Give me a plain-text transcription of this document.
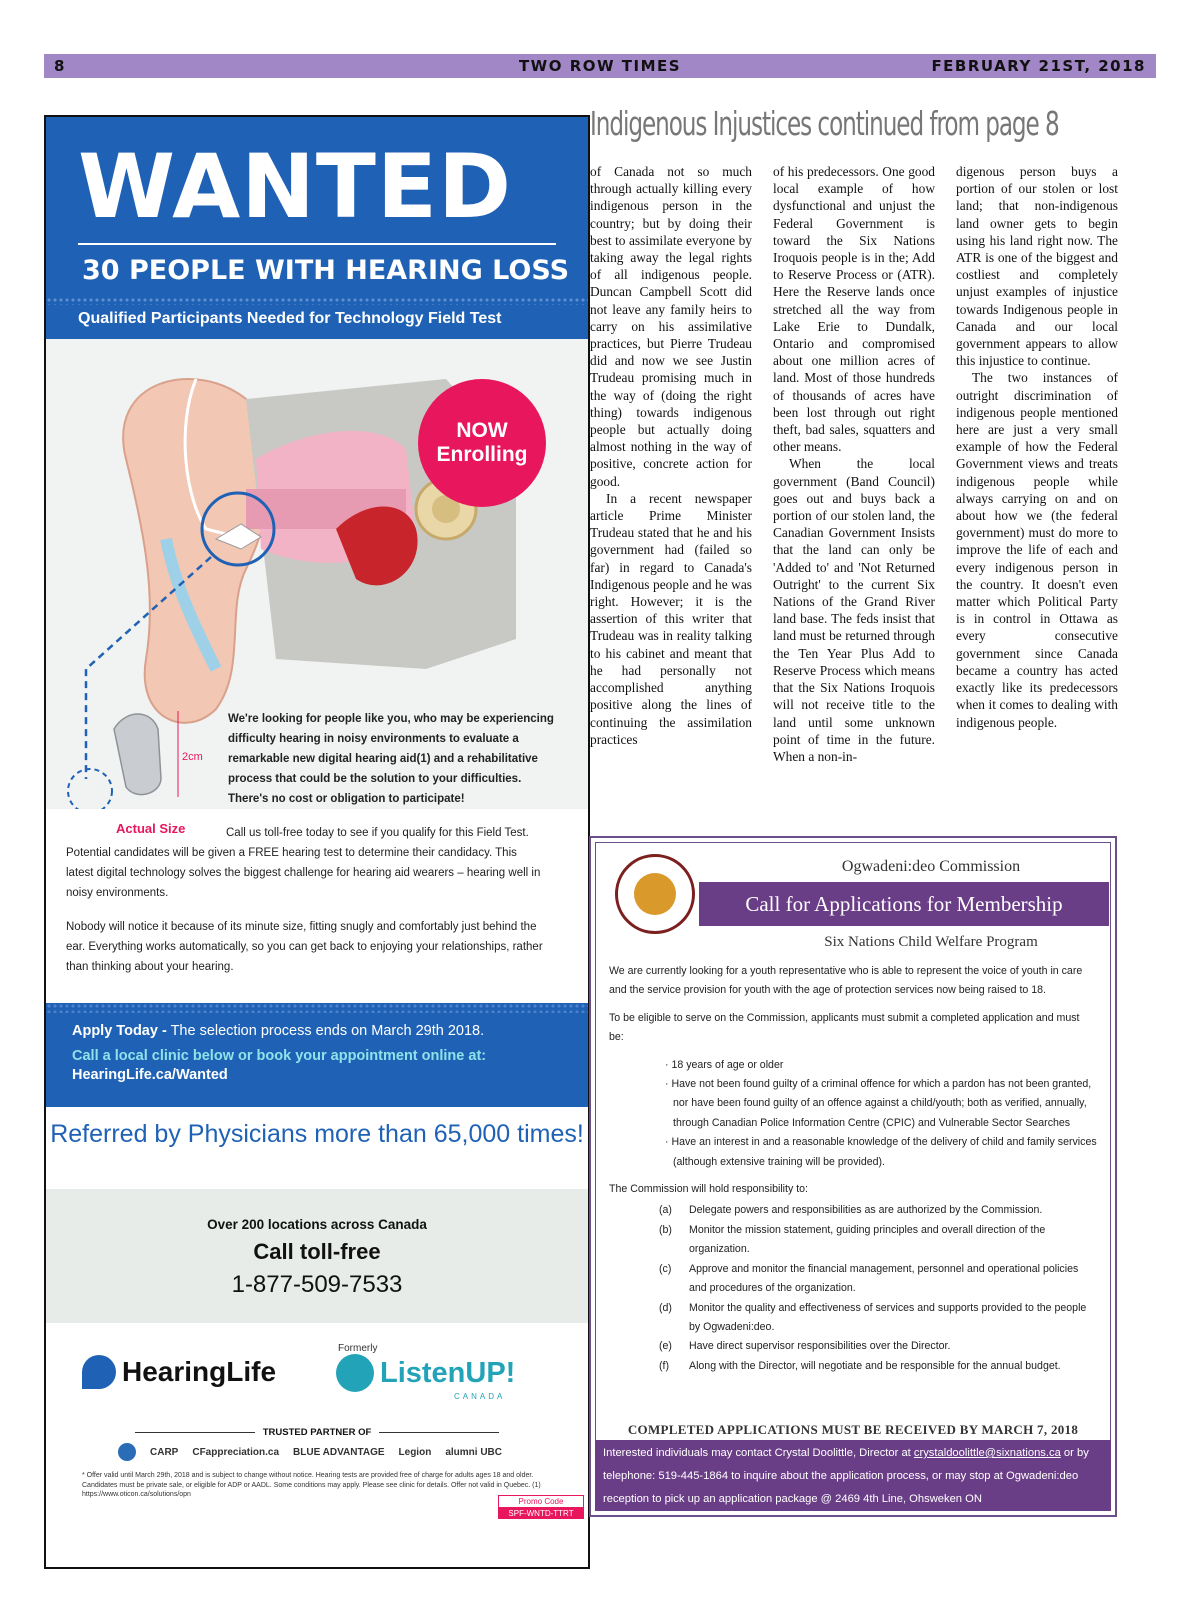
8	TWO ROW TIMES	FEBRUARY 21ST, 2018
WANTED
30 PEOPLE WITH HEARING LOSS
Qualified Participants Needed for Technology Field Test
NOW
Enrolling
2cm
We're looking for people like you, who may be experiencing difficulty hearing in noisy environments to evaluate a remarkable new digital hearing aid(1) and a rehabilitative process that could be the solution to your difficulties. There's no cost or obligation to participate!
Actual Size	Call us toll-free today to see if you qualify for this Field Test. Potential candidates will be given a FREE hearing test to determine their candidacy. This latest digital technology solves the biggest challenge for hearing aid wearers – hearing well in noisy environments.
Nobody will notice it because of its minute size, fitting snugly and comfortably just behind the ear. Everything works automatically, so you can get back to enjoying your relationships, rather than thinking about your hearing.
Apply Today - The selection process ends on March 29th 2018.
Call a local clinic below or book your appointment online at:
HearingLife.ca/Wanted
Referred by Physicians more than 65,000 times!
Over 200 locations across Canada
Call toll-free
1-877-509-7533
HearingLife
Formerly
ListenUP!
CANADA
TRUSTED PARTNER OF
CARP CFappreciation.ca BLUE ADVANTAGE Legion alumni UBC
* Offer valid until March 29th, 2018 and is subject to change without notice. Hearing tests are provided free of charge for adults ages 18 and older. Candidates must be private sale, or eligible for ADP or AADL. Some conditions may apply. Please see clinic for details. Offer not valid in Quebec. (1) https://www.oticon.ca/solutions/opn
Promo Code
SPF-WNTD-TTRT
Indigenous Injustices continued from page 8

of Canada not so much through actually killing every indigenous person in the country; but by doing their best to assimilate everyone by taking away the legal rights of all indigenous people. Duncan Campbell Scott did not leave any family heirs to carry on his assimilative practices, but Pierre Trudeau did and now we see Justin Trudeau promising much in the way of (doing the right thing) towards indigenous people but actually doing almost nothing in the way of positive, concrete action for good.

In a recent newspaper article Prime Minister Trudeau stated that he and his government had (failed so far) in regard to Canada's Indigenous people and he was right. However; it is the assertion of this writer that Trudeau was in reality talking to his cabinet and meant that he had personally not accomplished anything positive along the lines of continuing the assimilation practices

of his predecessors. One good local example of how dysfunctional and unjust the Federal Government is toward the Six Nations Iroquois people is in the; Add to Reserve Process or (ATR). Here the Reserve lands once stretched all the way from Lake Erie to Dundalk, Ontario and compromised about one million acres of land. Most of those hundreds of thousands of acres have been lost through out right theft, bad sales, squatters and other means.

When the local government (Band Council) goes out and buys back a portion of our stolen land, the Canadian Government Insists that the land can only be 'Added to' and 'Not Returned Outright' to the current Six Nations of the Grand River land base. The feds insist that land must be returned through the Ten Year Plus Add to Reserve Process which means that the Six Nations Iroquois will not receive title to the land until some unknown point of time in the future. When a non-in-

digenous person buys a portion of our stolen or lost land; that non-indigenous land owner gets to begin using his land right now. The ATR is one of the biggest and costliest and completely unjust examples of injustice towards Indigenous people in Canada and our local government appears to allow this injustice to continue.

The two instances of outright discrimination of indigenous people mentioned here are just a very small example of how the Federal Government views and treats indigenous people while always carrying on and on about how we (the federal government) must do more to improve the life of each and every indigenous person in the country. It doesn't even matter which Political Party is in control in Ottawa as every consecutive government since Canada became a country has acted exactly like its predecessors when it comes to dealing with indigenous people.

Ogwadeni:deo Commission
Call for Applications for Membership
Six Nations Child Welfare Program

We are currently looking for a youth representative who is able to represent the voice of youth in care and the service provision for youth with the age of protection services now being raised to 18.

To be eligible to serve on the Commission, applicants must submit a completed application and must be:

· 18 years of age or older
· Have not been found guilty of a criminal offence for which a pardon has not been granted, nor have been found guilty of an offence against a child/youth; both as verified, annually, through Canadian Police Information Centre (CPIC) and Vulnerable Sector Searches
· Have an interest in and a reasonable knowledge of the delivery of child and family services (although extensive training will be provided).

The Commission will hold responsibility to:

(a)	Delegate powers and responsibilities as are authorized by the Commission.
(b)	Monitor the mission statement, guiding principles and overall direction of the organization.
(c)	Approve and monitor the financial management, personnel and operational policies and procedures of the organization.
(d)	Monitor the quality and effectiveness of services and supports provided to the people by Ogwadeni:deo.
(e)	Have direct supervisor responsibilities over the Director.
(f)	Along with the Director, will negotiate and be responsible for the annual budget.
COMPLETED APPLICATIONS MUST BE RECEIVED BY MARCH 7, 2018
Interested individuals may contact Crystal Doolittle, Director at crystaldoolittle@sixnations.ca or by telephone: 519-445-1864 to inquire about the application process, or may stop at Ogwadeni:deo reception to pick up an application package @ 2469 4th Line, Ohsweken ON
